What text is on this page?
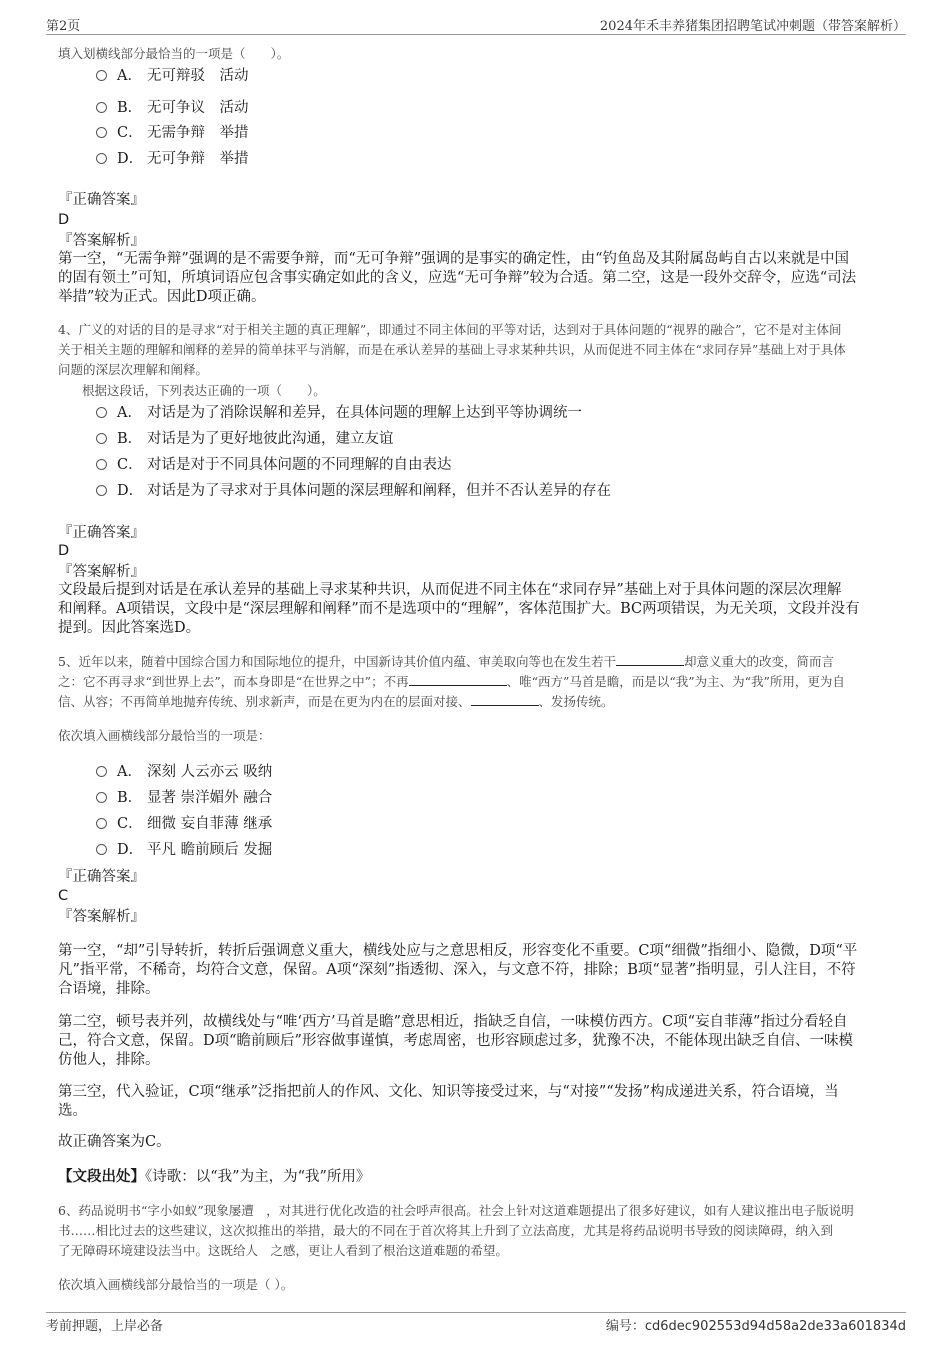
第2页	2024年禾丰养猪集团招聘笔试冲刺题（带答案解析）
填入划横线部分最恰当的一项是（　　）。
A． 无可辩驳　活动
B． 无可争议　活动
C． 无需争辩　举措
D． 无可争辩　举措
『正确答案』
D
『答案解析』
第一空，“无需争辩”强调的是不需要争辩，而“无可争辩”强调的是事实的确定性，由“钓鱼岛及其附属岛屿自古以来就是中国
的固有领土”可知，所填词语应包含事实确定如此的含义，应选“无可争辩”较为合适。第二空，这是一段外交辞令，应选“司法
举措”较为正式。因此D项正确。
4、广义的对话的目的是寻求“对于相关主题的真正理解”，即通过不同主体间的平等对话，达到对于具体问题的“视界的融合”，它不是对主体间
关于相关主题的理解和阐释的差异的简单抹平与消解，而是在承认差异的基础上寻求某种共识，从而促进不同主体在“求同存异”基础上对于具体
问题的深层次理解和阐释。
根据这段话，下列表达正确的一项（　　）。
A． 对话是为了消除误解和差异，在具体问题的理解上达到平等协调统一
B． 对话是为了更好地彼此沟通，建立友谊
C． 对话是对于不同具体问题的不同理解的自由表达
D． 对话是为了寻求对于具体问题的深层理解和阐释，但并不否认差异的存在
『正确答案』
D
『答案解析』
文段最后提到对话是在承认差异的基础上寻求某种共识，从而促进不同主体在“求同存异”基础上对于具体问题的深层次理解
和阐释。A项错误，文段中是“深层理解和阐释”而不是选项中的“理解”，客体范围扩大。BC两项错误，为无关项，文段并没有
提到。因此答案选D。
5、近年以来，随着中国综合国力和国际地位的提升，中国新诗其价值内蕴、审美取向等也在发生若干	却意义重大的改变，简而言
之：它不再寻求“到世界上去”，而本身即是“在世界之中”；不再	、唯“西方”马首是瞻，而是以“我”为主、为“我”所用，更为自
信、从容；不再简单地抛弃传统、别求新声，而是在更为内在的层面对接、	、发扬传统。
依次填入画横线部分最恰当的一项是：
A． 深刻 人云亦云 吸纳
B． 显著 崇洋媚外 融合
C． 细微 妄自菲薄 继承
D． 平凡 瞻前顾后 发掘
『正确答案』
C
『答案解析』
第一空，“却”引导转折，转折后强调意义重大，横线处应与之意思相反，形容变化不重要。C项“细微”指细小、隐微，D项“平
凡”指平常，不稀奇，均符合文意，保留。A项“深刻”指透彻、深入，与文意不符，排除；B项“显著”指明显，引人注目，不符
合语境，排除。
第二空，顿号表并列，故横线处与“唯‘西方’马首是瞻”意思相近，指缺乏自信，一味模仿西方。C项“妄自菲薄”指过分看轻自
己，符合文意，保留。D项“瞻前顾后”形容做事谨慎，考虑周密，也形容顾虑过多，犹豫不决，不能体现出缺乏自信、一味模
仿他人，排除。
第三空，代入验证，C项“继承”泛指把前人的作风、文化、知识等接受过来，与“对接”“发扬”构成递进关系，符合语境，当
选。
故正确答案为C。
【文段出处】《诗歌：以“我”为主，为“我”所用》
6、药品说明书“字小如蚁”现象屡遭　，对其进行优化改造的社会呼声很高。社会上针对这道难题提出了很多好建议，如有人建议推出电子版说明
书……相比过去的这些建议，这次拟推出的举措，最大的不同在于首次将其上升到了立法高度，尤其是将药品说明书导致的阅读障碍，纳入到
了无障碍环境建设法当中。这既给人　之感，更让人看到了根治这道难题的希望。
依次填入画横线部分最恰当的一项是（ ）。
考前押题，上岸必备	编号：cd6dec902553d94d58a2de33a601834d
